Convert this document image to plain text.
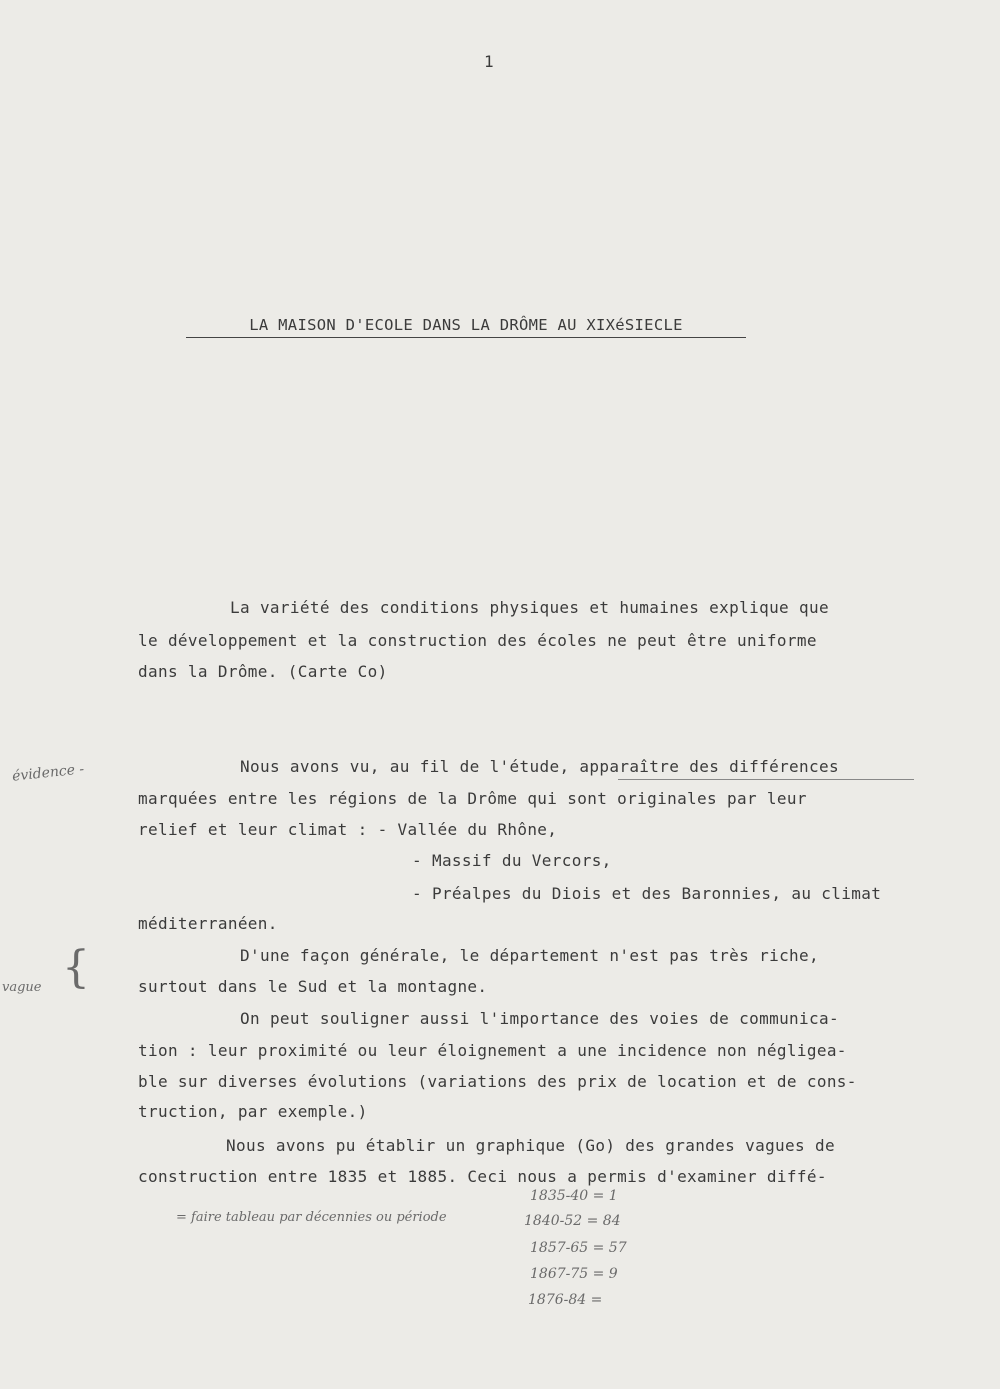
1
LA MAISON D'ECOLE DANS LA DRÔME AU XIXéSIECLE
La variété des conditions physiques et humaines explique que
le développement et la construction des écoles ne peut être uniforme
dans la Drôme. (Carte Co)
Nous avons vu, au fil de l'étude, apparaître des différences
marquées entre les régions de la Drôme qui sont originales par leur
relief et leur climat : - Vallée du Rhône,
- Massif du Vercors,
- Préalpes du Diois et des Baronnies, au climat
méditerranéen.
D'une façon générale, le département n'est pas très riche,
surtout dans le Sud et la montagne.
On peut souligner aussi l'importance des voies de communica-
tion : leur proximité ou leur éloignement a une incidence non négligea-
ble sur diverses évolutions (variations des prix de location et de cons-
truction, par exemple.)
Nous avons pu établir un graphique (Go) des grandes vagues de
construction entre 1835 et 1885. Ceci nous a permis d'examiner diffé-
évidence -
vague {
= faire tableau par décennies ou période
1835-40 = 1
1840-52 = 84
1857-65 = 57
1867-75 = 9
1876-84 =
